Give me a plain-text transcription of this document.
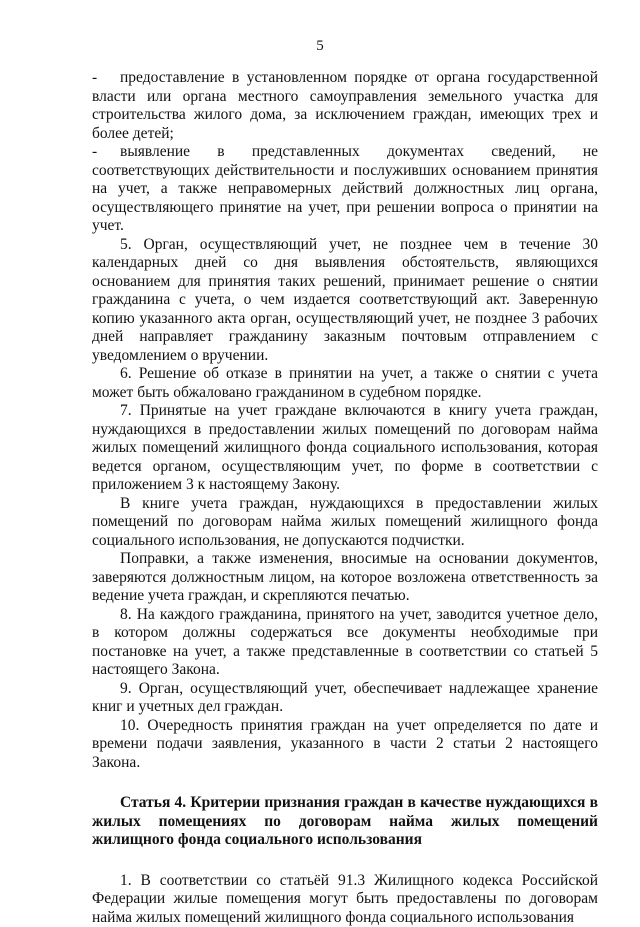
5

- предоставление в установленном порядке от органа государственной власти или органа местного самоуправления земельного участка для строительства жилого дома, за исключением граждан, имеющих трех и более детей;

- выявление в представленных документах сведений, не соответствующих действительности и послуживших основанием принятия на учет, а также неправомерных действий должностных лиц органа, осуществляющего принятие на учет, при решении вопроса о принятии на учет.

5. Орган, осуществляющий учет, не позднее чем в течение 30 календарных дней со дня выявления обстоятельств, являющихся основанием для принятия таких решений, принимает решение о снятии гражданина с учета, о чем издается соответствующий акт. Заверенную копию указанного акта орган, осуществляющий учет, не позднее 3 рабочих дней направляет гражданину заказным почтовым отправлением с уведомлением о вручении.

6. Решение об отказе в принятии на учет, а также о снятии с учета может быть обжаловано гражданином в судебном порядке.

7. Принятые на учет граждане включаются в книгу учета граждан, нуждающихся в предоставлении жилых помещений по договорам найма жилых помещений жилищного фонда социального использования, которая ведется органом, осуществляющим учет, по форме в соответствии с приложением 3 к настоящему Закону.

В книге учета граждан, нуждающихся в предоставлении жилых помещений по договорам найма жилых помещений жилищного фонда социального использования, не допускаются подчистки.

Поправки, а также изменения, вносимые на основании документов, заверяются должностным лицом, на которое возложена ответственность за ведение учета граждан, и скрепляются печатью.

8. На каждого гражданина, принятого на учет, заводится учетное дело, в котором должны содержаться все документы необходимые при постановке на учет, а также представленные в соответствии со статьей 5 настоящего Закона.

9. Орган, осуществляющий учет, обеспечивает надлежащее хранение книг и учетных дел граждан.

10. Очередность принятия граждан на учет определяется по дате и времени подачи заявления, указанного в части 2 статьи 2 настоящего Закона.

Статья 4. Критерии признания граждан в качестве нуждающихся в жилых помещениях по договорам найма жилых помещений жилищного фонда социального использования

1. В соответствии со статьёй 91.3 Жилищного кодекса Российской Федерации жилые помещения могут быть предоставлены по договорам найма жилых помещений жилищного фонда социального использования
